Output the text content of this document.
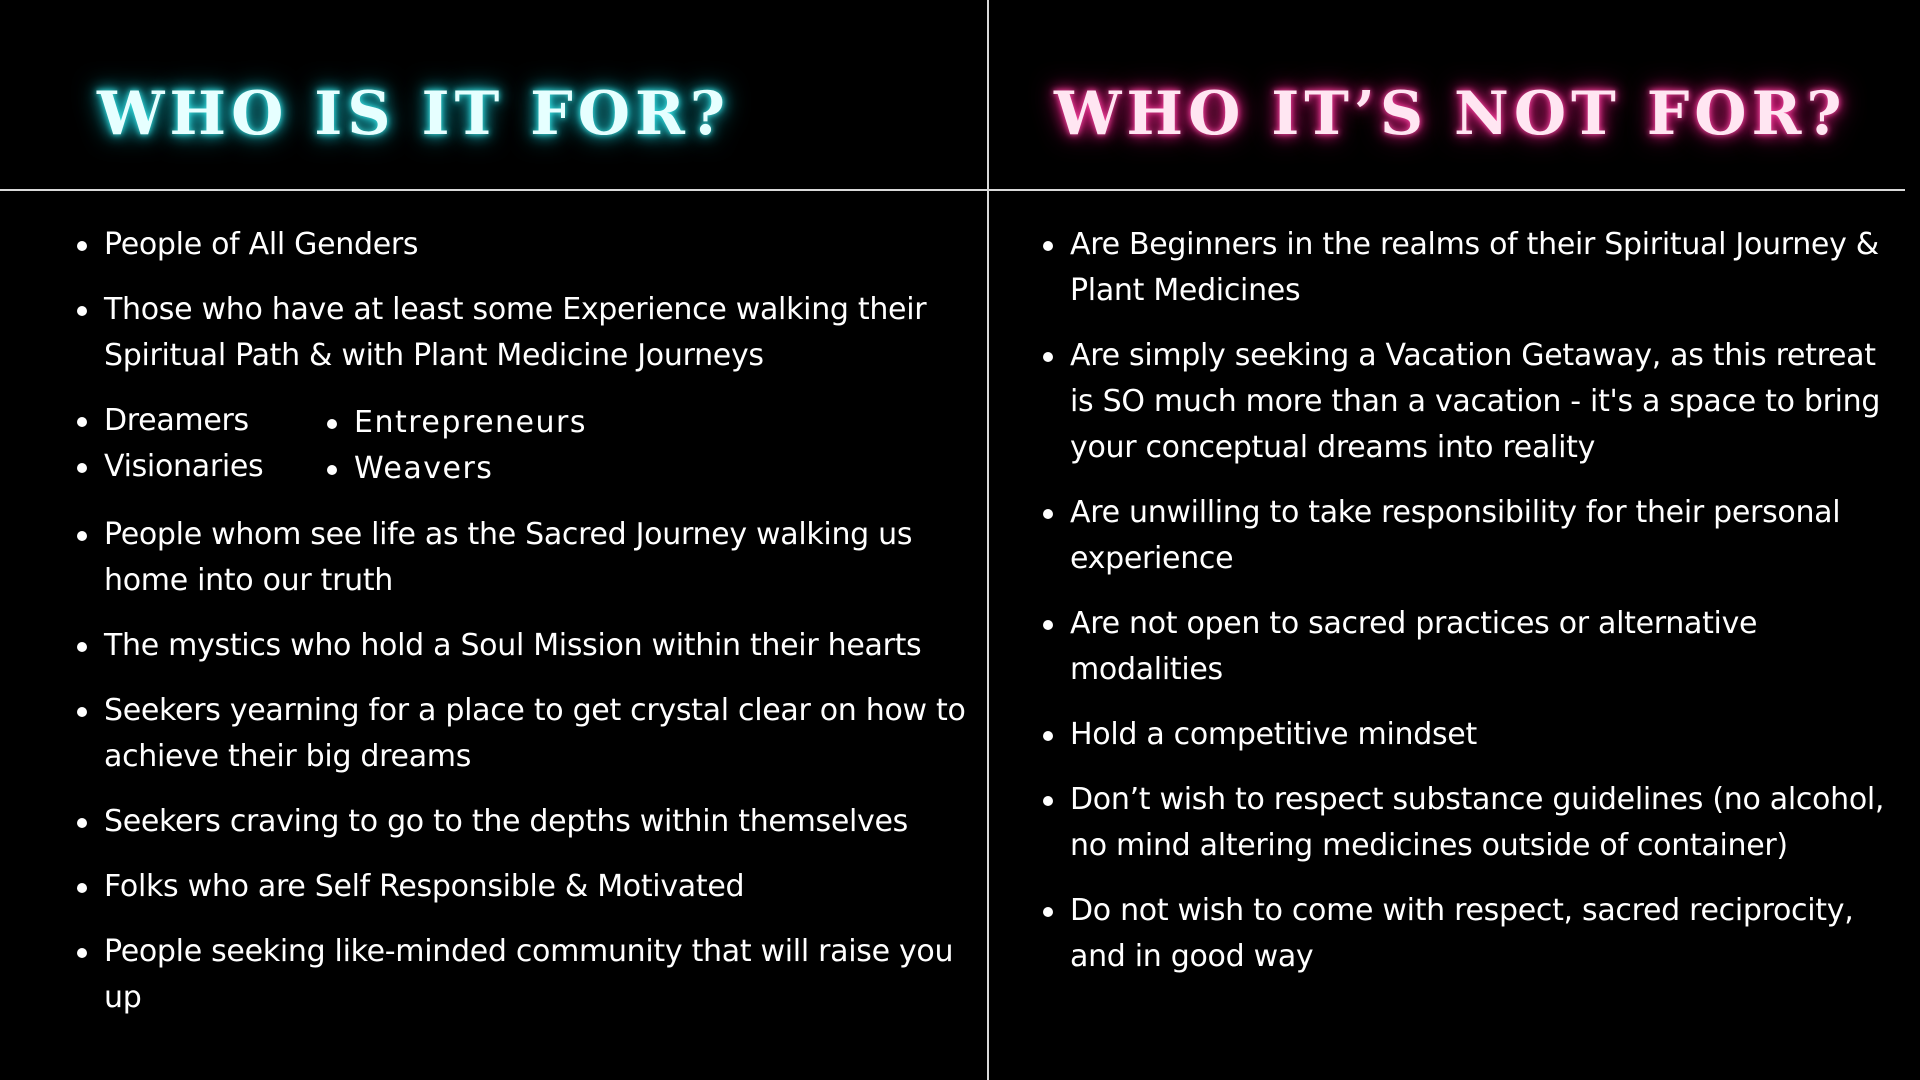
WHO IS IT FOR?	WHO IT’S NOT FOR?
People of All Genders
Those who have at least some Experience walking their Spiritual Path & with Plant Medicine Journeys
Dreamers
Visionaries
Entrepreneurs
Weavers
People whom see life as the Sacred Journey walking us home into our truth
The mystics who hold a Soul Mission within their hearts
Seekers yearning for a place to get crystal clear on how to achieve their big dreams
Seekers craving to go to the depths within themselves
Folks who are Self Responsible & Motivated
People seeking like-minded community that will raise you up
Are Beginners in the realms of their Spiritual Journey & Plant Medicines
Are simply seeking a Vacation Getaway, as this retreat is SO much more than a vacation - it's a space to bring your conceptual dreams into reality
Are unwilling to take responsibility for their personal experience
Are not open to sacred practices or alternative modalities
Hold a competitive mindset
Don’t wish to respect substance guidelines (no alcohol, no mind altering medicines outside of container)
Do not wish to come with respect, sacred reciprocity, and in good way
